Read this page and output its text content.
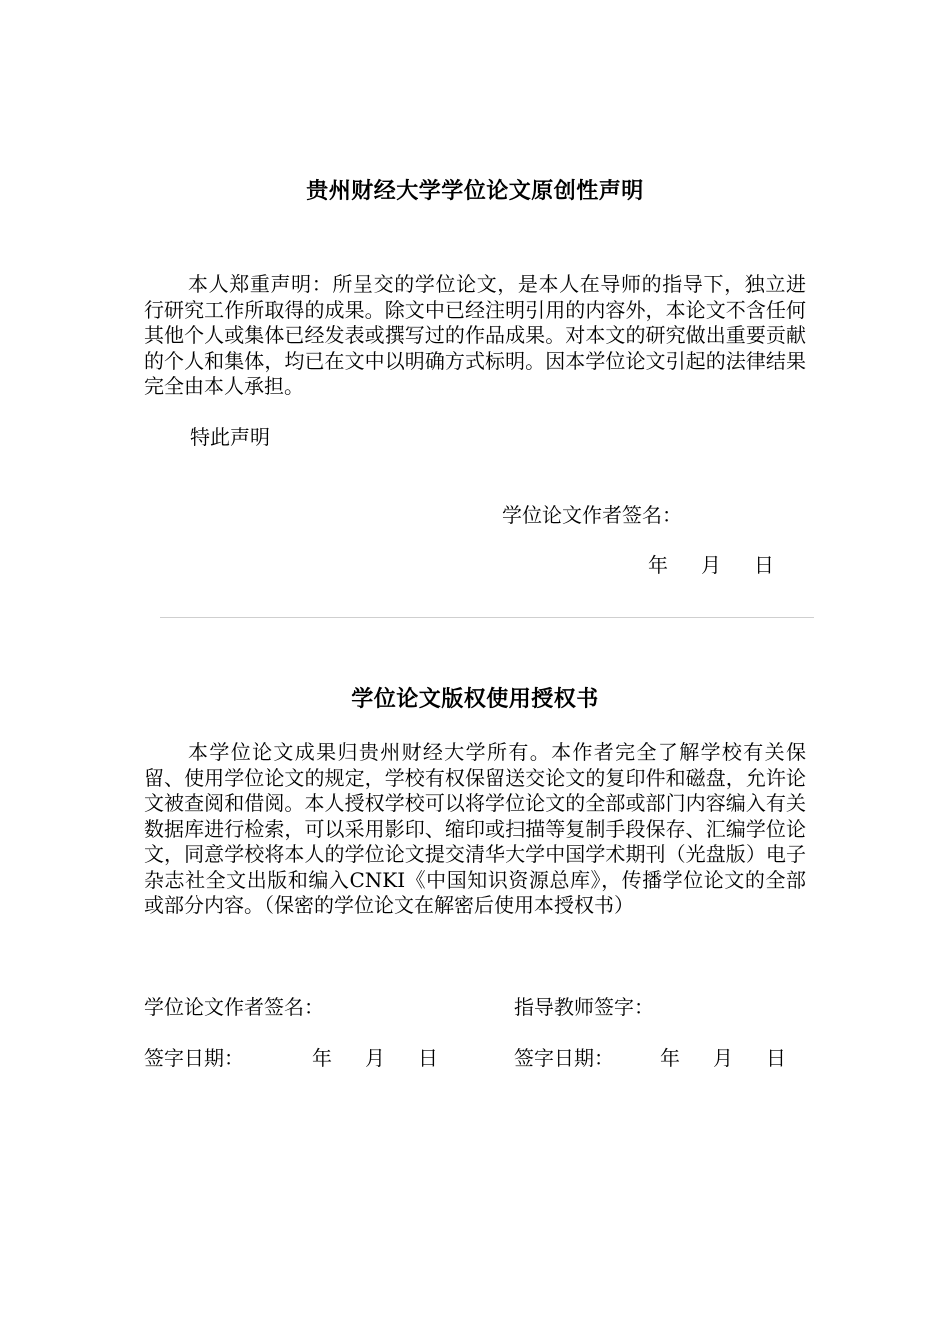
贵州财经大学学位论文原创性声明
本人郑重声明：所呈交的学位论文，是本人在导师的指导下，独立进行研究工作所取得的成果。除文中已经注明引用的内容外，本论文不含任何其他个人或集体已经发表或撰写过的作品成果。对本文的研究做出重要贡献的个人和集体，均已在文中以明确方式标明。因本学位论文引起的法律结果完全由本人承担。
特此声明
学位论文作者签名：
年 月 日
学位论文版权使用授权书
本学位论文成果归贵州财经大学所有。本作者完全了解学校有关保留、使用学位论文的规定，学校有权保留送交论文的复印件和磁盘，允许论文被查阅和借阅。本人授权学校可以将学位论文的全部或部门内容编入有关数据库进行检索，可以采用影印、缩印或扫描等复制手段保存、汇编学位论文，同意学校将本人的学位论文提交清华大学中国学术期刊（光盘版）电子杂志社全文出版和编入CNKI《中国知识资源总库》，传播学位论文的全部或部分内容。（保密的学位论文在解密后使用本授权书）
学位论文作者签名：	指导教师签字：
签字日期：	年 月 日	签字日期： 年 月 日
